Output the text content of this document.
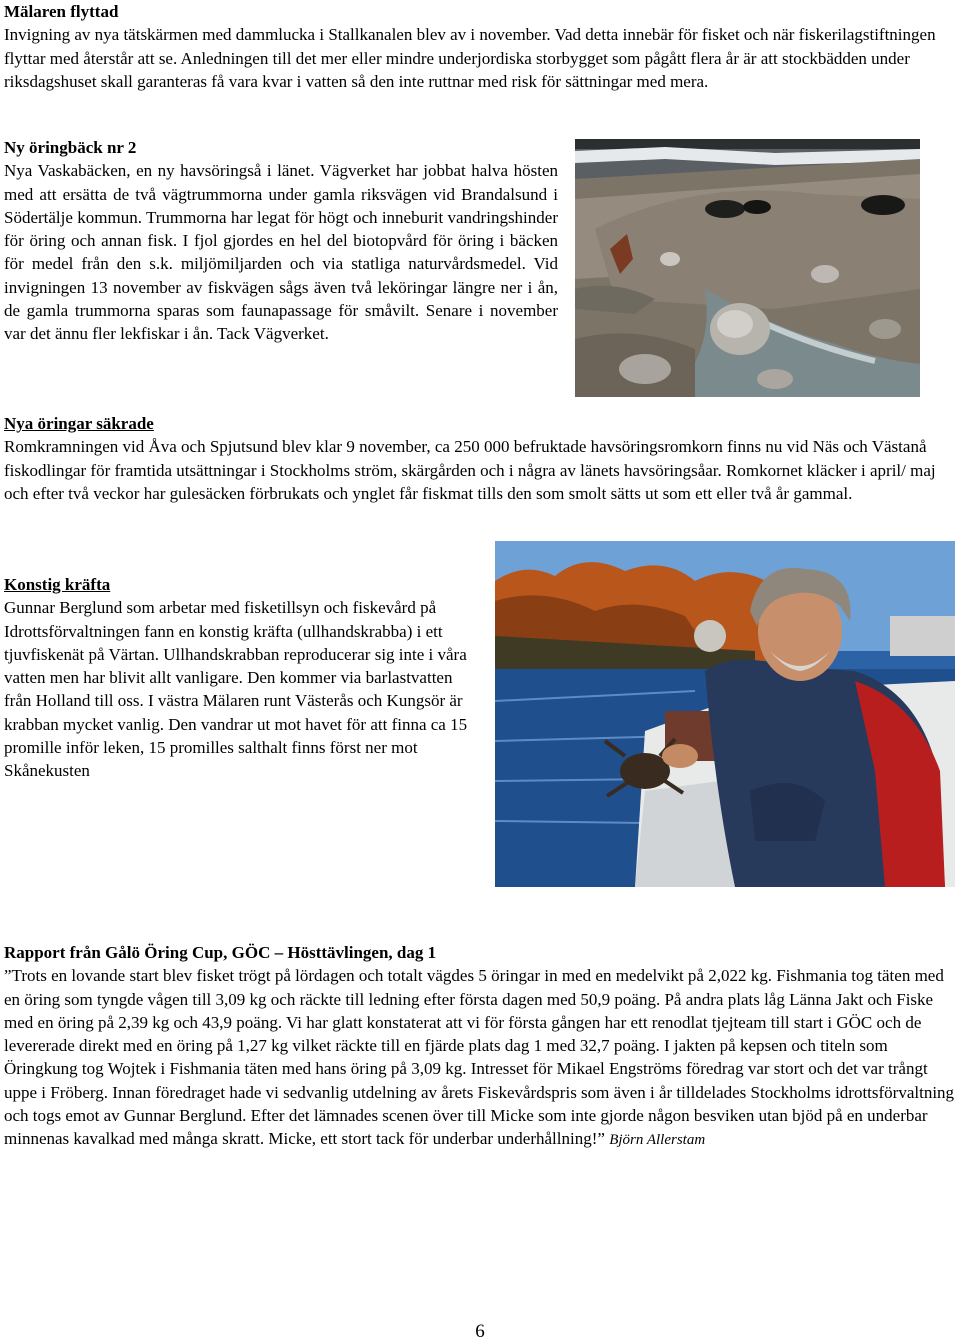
Mälaren flyttad
Invigning av nya tätskärmen med dammlucka i Stallkanalen blev av i november. Vad detta innebär för fisket och när fiskerilagstiftningen flyttar med återstår att se. Anledningen till det mer eller mindre underjordiska storbygget som pågått flera år är att stockbädden under riksdagshuset skall garanteras få vara kvar i vatten så den inte ruttnar med risk för sättningar med mera.

Ny öringbäck nr 2
Nya Vaskabäcken, en ny havsöringså i länet. Vägverket har jobbat halva hösten med att ersätta de två vägtrummorna under gamla riksvägen vid Brandalsund i Södertälje kommun. Trummorna har legat för högt och inneburit vandringshinder för öring och annan fisk. I fjol gjordes en hel del biotopvård för öring i bäcken för medel från den s.k. miljömiljarden och via statliga naturvårdsmedel. Vid invigningen 13 november av fiskvägen sågs även två leköringar längre ner i ån, de gamla trummorna sparas som faunapassage för småvilt. Senare i november var det ännu fler lekfiskar i ån. Tack Vägverket.

Nya öringar säkrade
Romkramningen vid Åva och Spjutsund blev klar 9 november, ca 250 000 befruktade havsöringsromkorn finns nu vid Näs och Västanå fiskodlingar för framtida utsättningar i Stockholms ström, skärgården och i några av länets havsöringsåar. Romkornet kläcker i april/ maj och efter två veckor har gulesäcken förbrukats och ynglet får fiskmat tills den som smolt sätts ut som ett eller två år gammal.

Konstig kräfta
Gunnar Berglund som arbetar med fisketillsyn och fiskevård på Idrottsförvaltningen fann en konstig kräfta (ullhandskrabba) i ett tjuvfiskenät på Värtan. Ullhandskrabban reproducerar sig inte i våra vatten men har blivit allt vanligare. Den kommer via barlastvatten från Holland till oss. I västra Mälaren runt Västerås och Kungsör är krabban mycket vanlig. Den vandrar ut mot havet för att finna ca 15 promille inför leken, 15 promilles salthalt finns först ner mot Skånekusten

Rapport från Gålö Öring Cup, GÖC – Hösttävlingen, dag 1
”Trots en lovande start blev fisket trögt på lördagen och totalt vägdes 5 öringar in med en medelvikt på 2,022 kg. Fishmania tog täten med en öring som tyngde vågen till 3,09 kg och räckte till ledning efter första dagen med 50,9 poäng. På andra plats låg Länna Jakt och Fiske med en öring på 2,39 kg och 43,9 poäng. Vi har glatt konstaterat att vi för första gången har ett renodlat tjejteam till start i GÖC och de levererade direkt med en öring på 1,27 kg vilket räckte till en fjärde plats dag 1 med 32,7 poäng. I jakten på kepsen och titeln som Öringkung tog Wojtek i Fishmania täten med hans öring på 3,09 kg. Intresset för Mikael Engströms föredrag var stort och det var trångt uppe i Fröberg. Innan föredraget hade vi sedvanlig utdelning av årets Fiskevårdspris som även i år tilldelades Stockholms idrottsförvaltning och togs emot av Gunnar Berglund. Efter det lämnades scenen över till Micke som inte gjorde någon besviken utan bjöd på en underbar minnenas kavalkad med många skratt. Micke, ett stort tack för underbar underhållning!” Björn Allerstam

6
